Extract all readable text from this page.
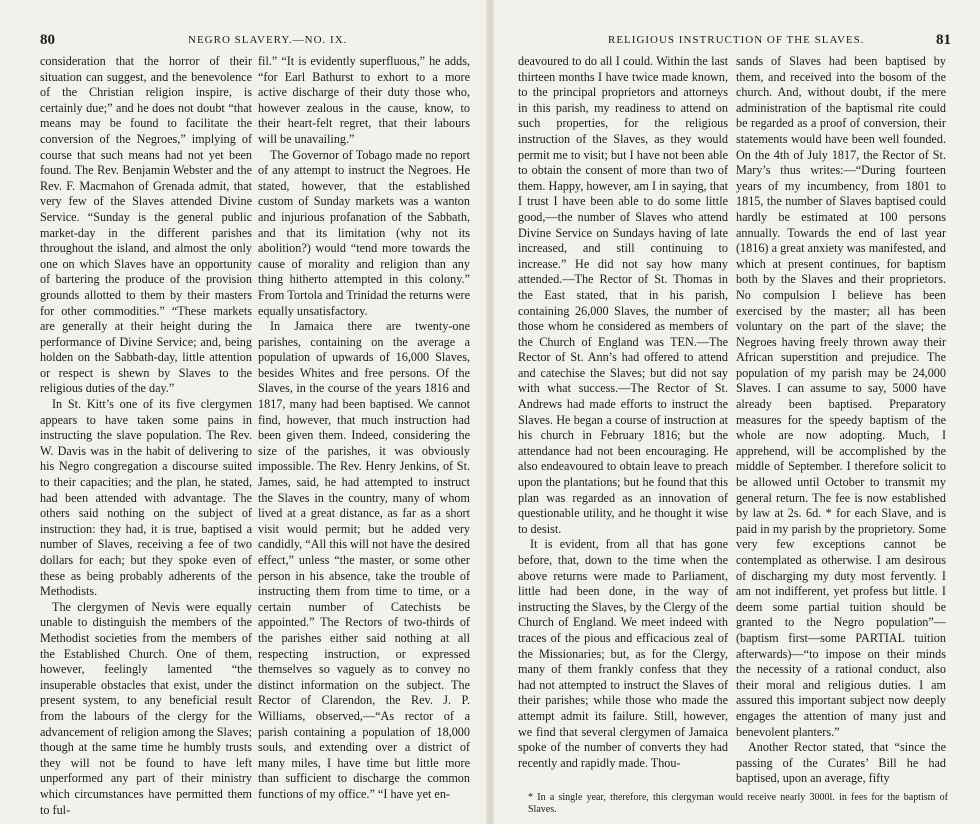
80	NEGRO SLAVERY.—NO. IX.

consideration that the horror of their situation can suggest, and the benevolence of the Christian religion inspire, is certainly due;” and he does not doubt “that means may be found to facilitate the conversion of the Negroes,” implying of course that such means had not yet been found. The Rev. Benjamin Webster and the Rev. F. Macmahon of Grenada admit, that very few of the Slaves attended Divine Service. “Sunday is the general public market-day in the different parishes throughout the island, and almost the only one on which Slaves have an opportunity of bartering the produce of the provision grounds allotted to them by their masters for other commodities.” “These markets are generally at their height during the performance of Divine Service; and, being holden on the Sabbath-day, little attention or respect is shewn by Slaves to the religious duties of the day.”

In St. Kitt’s one of its five clergymen appears to have taken some pains in instructing the slave population. The Rev. W. Davis was in the habit of delivering to his Negro congregation a discourse suited to their capacities; and the plan, he stated, had been attended with advantage. The others said nothing on the subject of instruction: they had, it is true, baptised a number of Slaves, receiving a fee of two dollars for each; but they spoke even of these as being probably adherents of the Methodists.

The clergymen of Nevis were equally unable to distinguish the members of the Methodist societies from the members of the Established Church. One of them, however, feelingly lamented “the insuperable obstacles that exist, under the present system, to any beneficial result from the labours of the clergy for the advancement of religion among the Slaves; though at the same time he humbly trusts they will not be found to have left unperformed any part of their ministry which circumstances have permitted them to ful-

fil.” “It is evidently superfluous,” he adds, “for Earl Bathurst to exhort to a more active discharge of their duty those who, however zealous in the cause, know, to their heart-felt regret, that their labours will be unavailing.”

The Governor of Tobago made no report of any attempt to instruct the Negroes. He stated, however, that the established custom of Sunday markets was a wanton and injurious profanation of the Sabbath, and that its limitation (why not its abolition?) would “tend more towards the cause of morality and religion than any thing hitherto attempted in this colony.” From Tortola and Trinidad the returns were equally unsatisfactory.

In Jamaica there are twenty-one parishes, containing on the average a population of upwards of 16,000 Slaves, besides Whites and free persons. Of the Slaves, in the course of the years 1816 and 1817, many had been baptised. We cannot find, however, that much instruction had been given them. Indeed, considering the size of the parishes, it was obviously impossible. The Rev. Henry Jenkins, of St. James, said, he had attempted to instruct the Slaves in the country, many of whom lived at a great distance, as far as a short visit would permit; but he added very candidly, “All this will not have the desired effect,” unless “the master, or some other person in his absence, take the trouble of instructing them from time to time, or a certain number of Catechists be appointed.” The Rectors of two-thirds of the parishes either said nothing at all respecting instruction, or expressed themselves so vaguely as to convey no distinct information on the subject. The Rector of Clarendon, the Rev. J. P. Williams, observed,—“As rector of a parish containing a population of 18,000 souls, and extending over a district of many miles, I have time but little more than sufficient to discharge the common functions of my office.” “I have yet en-

RELIGIOUS INSTRUCTION OF THE SLAVES.	81

deavoured to do all I could. Within the last thirteen months I have twice made known, to the principal proprietors and attorneys in this parish, my readiness to attend on such properties, for the religious instruction of the Slaves, as they would permit me to visit; but I have not been able to obtain the consent of more than two of them. Happy, however, am I in saying, that I trust I have been able to do some little good,—the number of Slaves who attend Divine Service on Sundays having of late increased, and still continuing to increase.” He did not say how many attended.—The Rector of St. Thomas in the East stated, that in his parish, containing 26,000 Slaves, the number of those whom he considered as members of the Church of England was TEN.—The Rector of St. Ann’s had offered to attend and catechise the Slaves; but did not say with what success.—The Rector of St. Andrews had made efforts to instruct the Slaves. He began a course of instruction at his church in February 1816; but the attendance had not been encouraging. He also endeavoured to obtain leave to preach upon the plantations; but he found that this plan was regarded as an innovation of questionable utility, and he thought it wise to desist.

It is evident, from all that has gone before, that, down to the time when the above returns were made to Parliament, little had been done, in the way of instructing the Slaves, by the Clergy of the Church of England. We meet indeed with traces of the pious and efficacious zeal of the Missionaries; but, as for the Clergy, many of them frankly confess that they had not attempted to instruct the Slaves of their parishes; while those who made the attempt admit its failure. Still, however, we find that several clergymen of Jamaica spoke of the number of converts they had recently and rapidly made. Thou-

sands of Slaves had been baptised by them, and received into the bosom of the church. And, without doubt, if the mere administration of the baptismal rite could be regarded as a proof of conversion, their statements would have been well founded. On the 4th of July 1817, the Rector of St. Mary’s thus writes:—“During fourteen years of my incumbency, from 1801 to 1815, the number of Slaves baptised could hardly be estimated at 100 persons annually. Towards the end of last year (1816) a great anxiety was manifested, and which at present continues, for baptism both by the Slaves and their proprietors. No compulsion I believe has been exercised by the master; all has been voluntary on the part of the slave; the Negroes having freely thrown away their African superstition and prejudice. The population of my parish may be 24,000 Slaves. I can assume to say, 5000 have already been baptised. Preparatory measures for the speedy baptism of the whole are now adopting. Much, I apprehend, will be accomplished by the middle of September. I therefore solicit to be allowed until October to transmit my general return. The fee is now established by law at 2s. 6d. * for each Slave, and is paid in my parish by the proprietory. Some very few exceptions cannot be contemplated as otherwise. I am desirous of discharging my duty most fervently. I am not indifferent, yet profess but little. I deem some partial tuition should be granted to the Negro population”—(baptism first—some PARTIAL tuition afterwards)—“to impose on their minds the necessity of a rational conduct, also their moral and religious duties. I am assured this important subject now deeply engages the attention of many just and benevolent planters.”

Another Rector stated, that “since the passing of the Curates’ Bill he had baptised, upon an average, fifty

* In a single year, therefore, this clergyman would receive nearly 3000l. in fees for the baptism of Slaves.
